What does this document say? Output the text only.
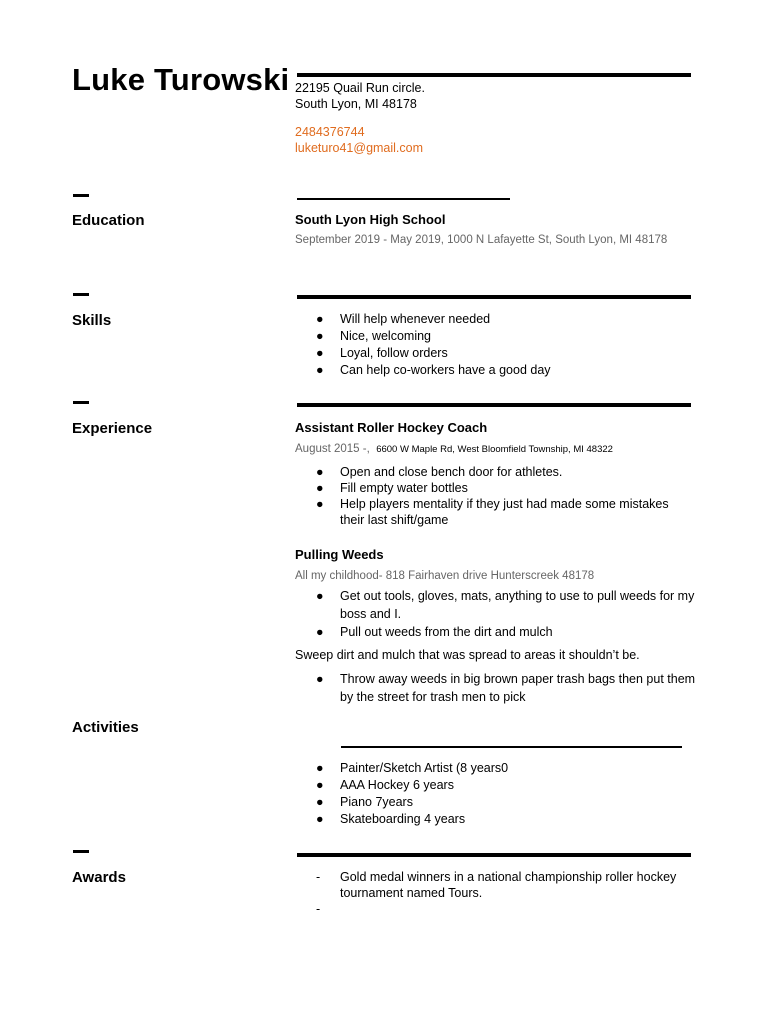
Luke Turowski 22195 Quail Run circle.
South Lyon, MI 48178
2484376744
luketuro41@gmail.com
Education	South Lyon High School
September 2019 - May 2019, 1000 N Lafayette St, South Lyon, MI 48178
Skills	● Will help whenever needed
● Nice, welcoming
● Loyal, follow orders
● Can help co-workers have a good day
Experience	Assistant Roller Hockey Coach
August 2015 -, 6600 W Maple Rd, West Bloomfield Township, MI 48322
● Open and close bench door for athletes.
● Fill empty water bottles
● Help players mentality if they just had made some mistakes their last shift/game
Pulling Weeds
All my childhood- 818 Fairhaven drive Hunterscreek 48178
● Get out tools, gloves, mats, anything to use to pull weeds for my boss and I.
● Pull out weeds from the dirt and mulch
Sweep dirt and mulch that was spread to areas it shouldn’t be.
● Throw away weeds in big brown paper trash bags then put them by the street for trash men to pick
Activities
● Painter/Sketch Artist (8 years0
● AAA Hockey 6 years
● Piano 7years
● Skateboarding 4 years
Awards	-	Gold medal winners in a national championship roller hockey tournament named Tours.
-
